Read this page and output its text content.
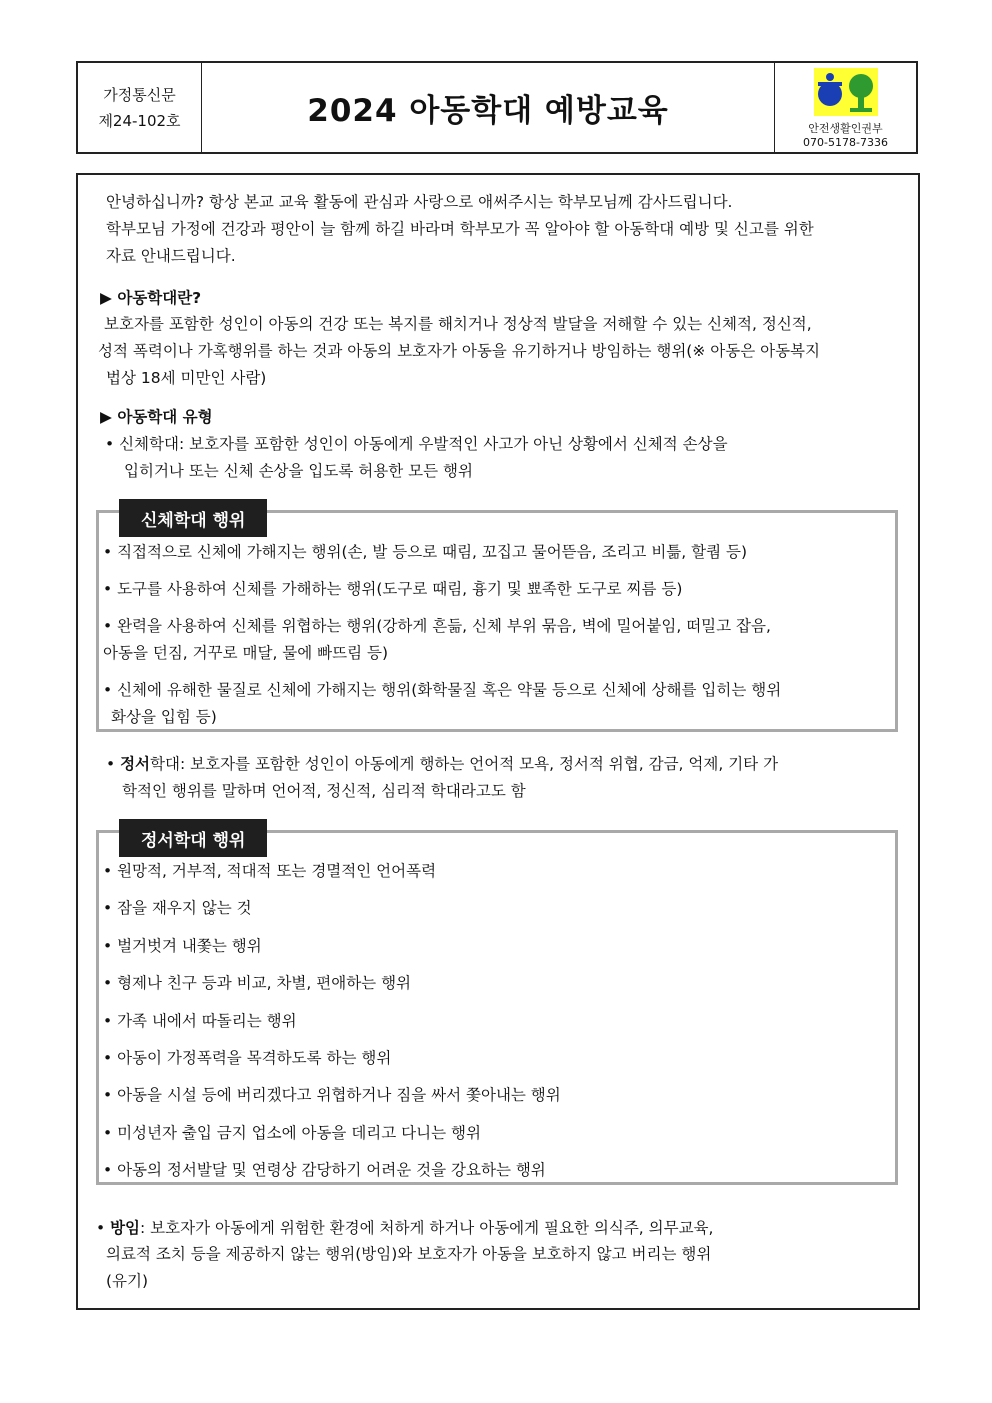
가정통신문
제24-102호	2024 아동학대 예방교육	안전생활인권부
070-5178-7336
안녕하십니까? 항상 본교 교육 활동에 관심과 사랑으로 애써주시는 학부모님께 감사드립니다.
학부모님 가정에 건강과 평안이 늘 함께 하길 바라며 학부모가 꼭 알아야 할 아동학대 예방 및 신고를 위한
자료 안내드립니다.
▶ 아동학대란?
보호자를 포함한 성인이 아동의 건강 또는 복지를 해치거나 정상적 발달을 저해할 수 있는 신체적, 정신적,
성적 폭력이나 가혹행위를 하는 것과 아동의 보호자가 아동을 유기하거나 방임하는 행위(※ 아동은 아동복지
법상 18세 미만인 사람)
▶ 아동학대 유형
• 신체학대: 보호자를 포함한 성인이 아동에게 우발적인 사고가 아닌 상황에서 신체적 손상을
입히거나 또는 신체 손상을 입도록 허용한 모든 행위
• 직접적으로 신체에 가해지는 행위(손, 발 등으로 때림, 꼬집고 물어뜯음, 조리고 비틂, 할퀌 등)
• 도구를 사용하여 신체를 가해하는 행위(도구로 때림, 흉기 및 뾰족한 도구로 찌름 등)
• 완력을 사용하여 신체를 위협하는 행위(강하게 흔듦, 신체 부위 묶음, 벽에 밀어붙임, 떠밀고 잡음,
아동을 던짐, 거꾸로 매달, 물에 빠뜨림 등)
• 신체에 유해한 물질로 신체에 가해지는 행위(화학물질 혹은 약물 등으로 신체에 상해를 입히는 행위
화상을 입힘 등)
신체학대 행위
• 정서학대: 보호자를 포함한 성인이 아동에게 행하는 언어적 모욕, 정서적 위협, 감금, 억제, 기타 가
학적인 행위를 말하며 언어적, 정신적, 심리적 학대라고도 함
• 원망적, 거부적, 적대적 또는 경멸적인 언어폭력
• 잠을 재우지 않는 것
• 벌거벗겨 내쫓는 행위
• 형제나 친구 등과 비교, 차별, 편애하는 행위
• 가족 내에서 따돌리는 행위
• 아동이 가정폭력을 목격하도록 하는 행위
• 아동을 시설 등에 버리겠다고 위협하거나 짐을 싸서 쫓아내는 행위
• 미성년자 출입 금지 업소에 아동을 데리고 다니는 행위
• 아동의 정서발달 및 연령상 감당하기 어려운 것을 강요하는 행위
정서학대 행위
• 방임: 보호자가 아동에게 위험한 환경에 처하게 하거나 아동에게 필요한 의식주, 의무교육,
의료적 조치 등을 제공하지 않는 행위(방임)와 보호자가 아동을 보호하지 않고 버리는 행위
(유기)
